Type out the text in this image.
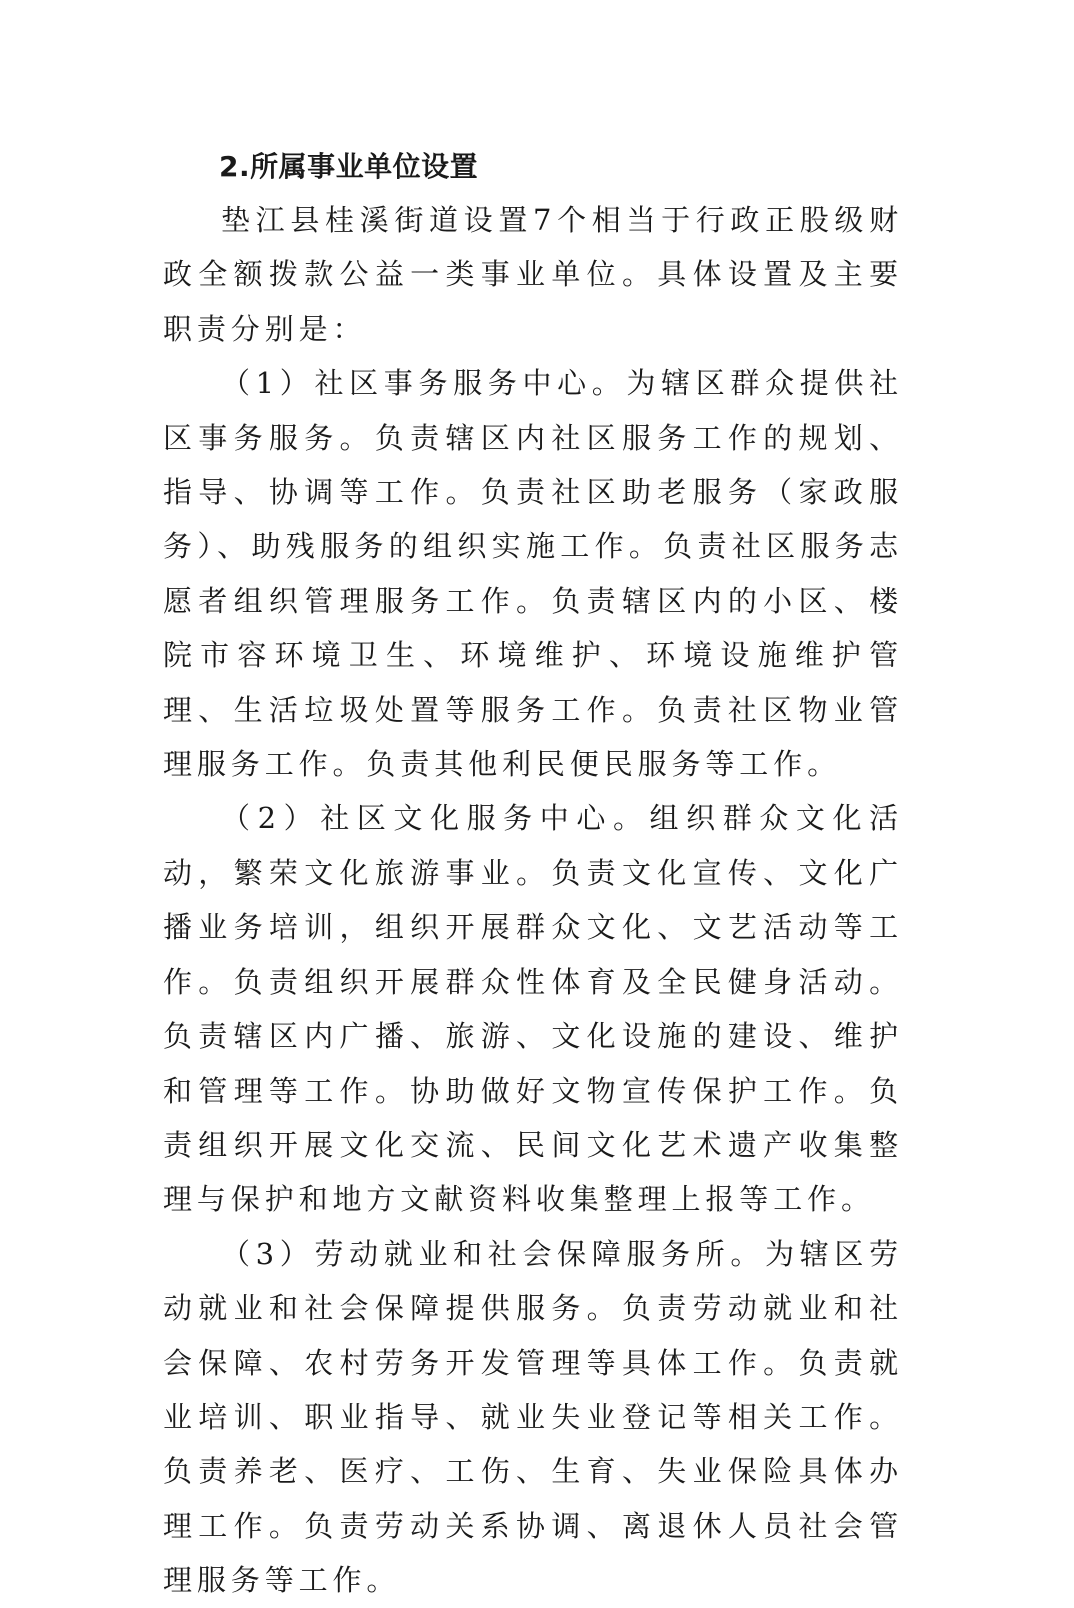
2.所属事业单位设置

垫江县桂溪街道设置7个相当于行政正股级财政全额拨款公益一类事业单位。具体设置及主要职责分别是：

（1）社区事务服务中心。为辖区群众提供社区事务服务。负责辖区内社区服务工作的规划、指导、协调等工作。负责社区助老服务（家政服务）、助残服务的组织实施工作。负责社区服务志愿者组织管理服务工作。负责辖区内的小区、楼院市容环境卫生、环境维护、环境设施维护管理、生活垃圾处置等服务工作。负责社区物业管理服务工作。负责其他利民便民服务等工作。

（2）社区文化服务中心。组织群众文化活动，繁荣文化旅游事业。负责文化宣传、文化广播业务培训，组织开展群众文化、文艺活动等工作。负责组织开展群众性体育及全民健身活动。负责辖区内广播、旅游、文化设施的建设、维护和管理等工作。协助做好文物宣传保护工作。负责组织开展文化交流、民间文化艺术遗产收集整理与保护和地方文献资料收集整理上报等工作。

（3）劳动就业和社会保障服务所。为辖区劳动就业和社会保障提供服务。负责劳动就业和社会保障、农村劳务开发管理等具体工作。负责就业培训、职业指导、就业失业登记等相关工作。负责养老、医疗、工伤、生育、失业保险具体办理工作。负责劳动关系协调、离退休人员社会管理服务等工作。
